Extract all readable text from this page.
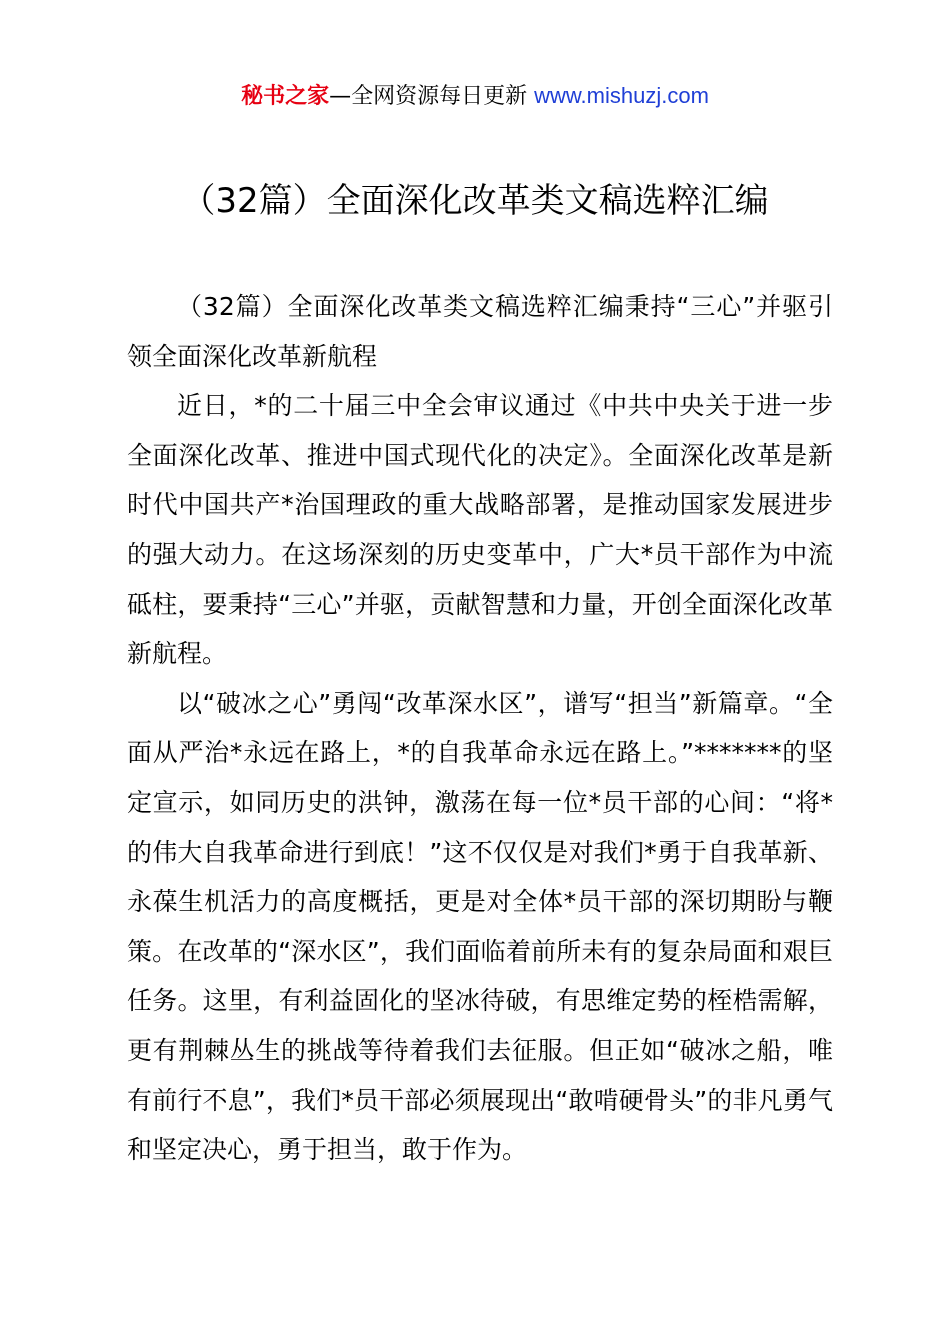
秘书之家—全网资源每日更新 www.mishuzj.com
（32篇）全面深化改革类文稿选粹汇编

（32篇）全面深化改革类文稿选粹汇编秉持“三心”并驱引领全面深化改革新航程

近日，*的二十届三中全会审议通过《中共中央关于进一步全面深化改革、推进中国式现代化的决定》。全面深化改革是新时代中国共产*治国理政的重大战略部署，是推动国家发展进步的强大动力。在这场深刻的历史变革中，广大*员干部作为中流砥柱，要秉持“三心”并驱，贡献智慧和力量，开创全面深化改革新航程。

以“破冰之心”勇闯“改革深水区”，谱写“担当”新篇章。“全面从严治*永远在路上，*的自我革命永远在路上。”*******的坚定宣示，如同历史的洪钟，激荡在每一位*员干部的心间：“将*的伟大自我革命进行到底！”这不仅仅是对我们*勇于自我革新、永葆生机活力的高度概括，更是对全体*员干部的深切期盼与鞭策。在改革的“深水区”，我们面临着前所未有的复杂局面和艰巨任务。这里，有利益固化的坚冰待破，有思维定势的桎梏需解，更有荆棘丛生的挑战等待着我们去征服。但正如“破冰之船，唯有前行不息”，我们*员干部必须展现出“敢啃硬骨头”的非凡勇气和坚定决心，勇于担当，敢于作为。
